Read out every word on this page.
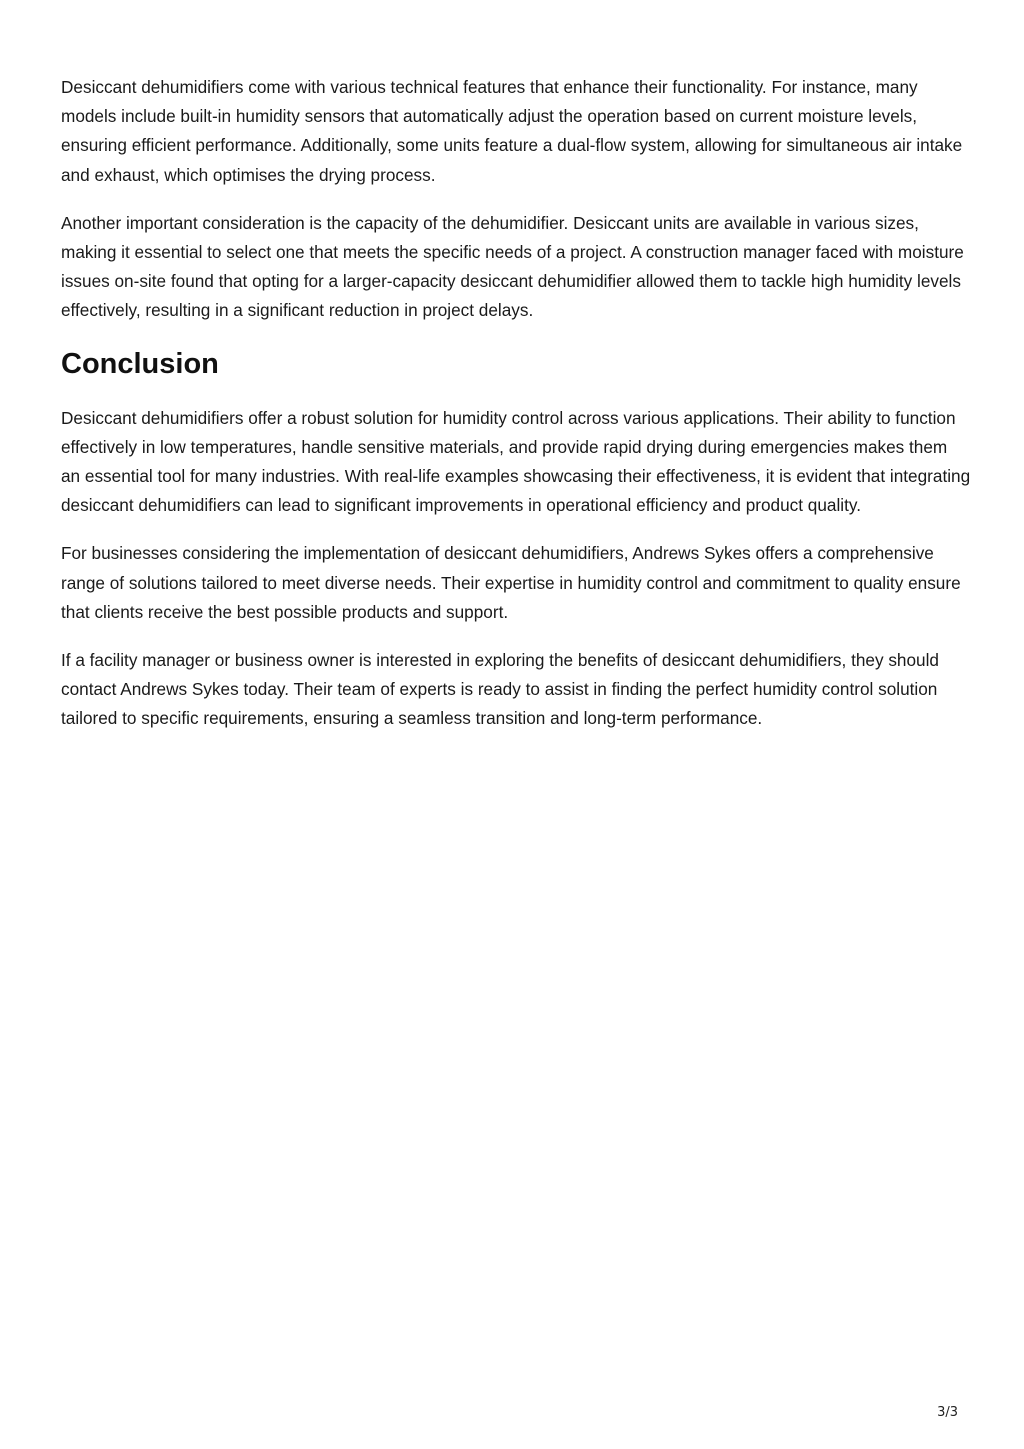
Desiccant dehumidifiers come with various technical features that enhance their functionality. For instance, many models include built-in humidity sensors that automatically adjust the operation based on current moisture levels, ensuring efficient performance. Additionally, some units feature a dual-flow system, allowing for simultaneous air intake and exhaust, which optimises the drying process.

Another important consideration is the capacity of the dehumidifier. Desiccant units are available in various sizes, making it essential to select one that meets the specific needs of a project. A construction manager faced with moisture issues on-site found that opting for a larger-capacity desiccant dehumidifier allowed them to tackle high humidity levels effectively, resulting in a significant reduction in project delays.

Conclusion

Desiccant dehumidifiers offer a robust solution for humidity control across various applications. Their ability to function effectively in low temperatures, handle sensitive materials, and provide rapid drying during emergencies makes them an essential tool for many industries. With real-life examples showcasing their effectiveness, it is evident that integrating desiccant dehumidifiers can lead to significant improvements in operational efficiency and product quality.

For businesses considering the implementation of desiccant dehumidifiers, Andrews Sykes offers a comprehensive range of solutions tailored to meet diverse needs. Their expertise in humidity control and commitment to quality ensure that clients receive the best possible products and support.

If a facility manager or business owner is interested in exploring the benefits of desiccant dehumidifiers, they should contact Andrews Sykes today. Their team of experts is ready to assist in finding the perfect humidity control solution tailored to specific requirements, ensuring a seamless transition and long-term performance.

3/3
